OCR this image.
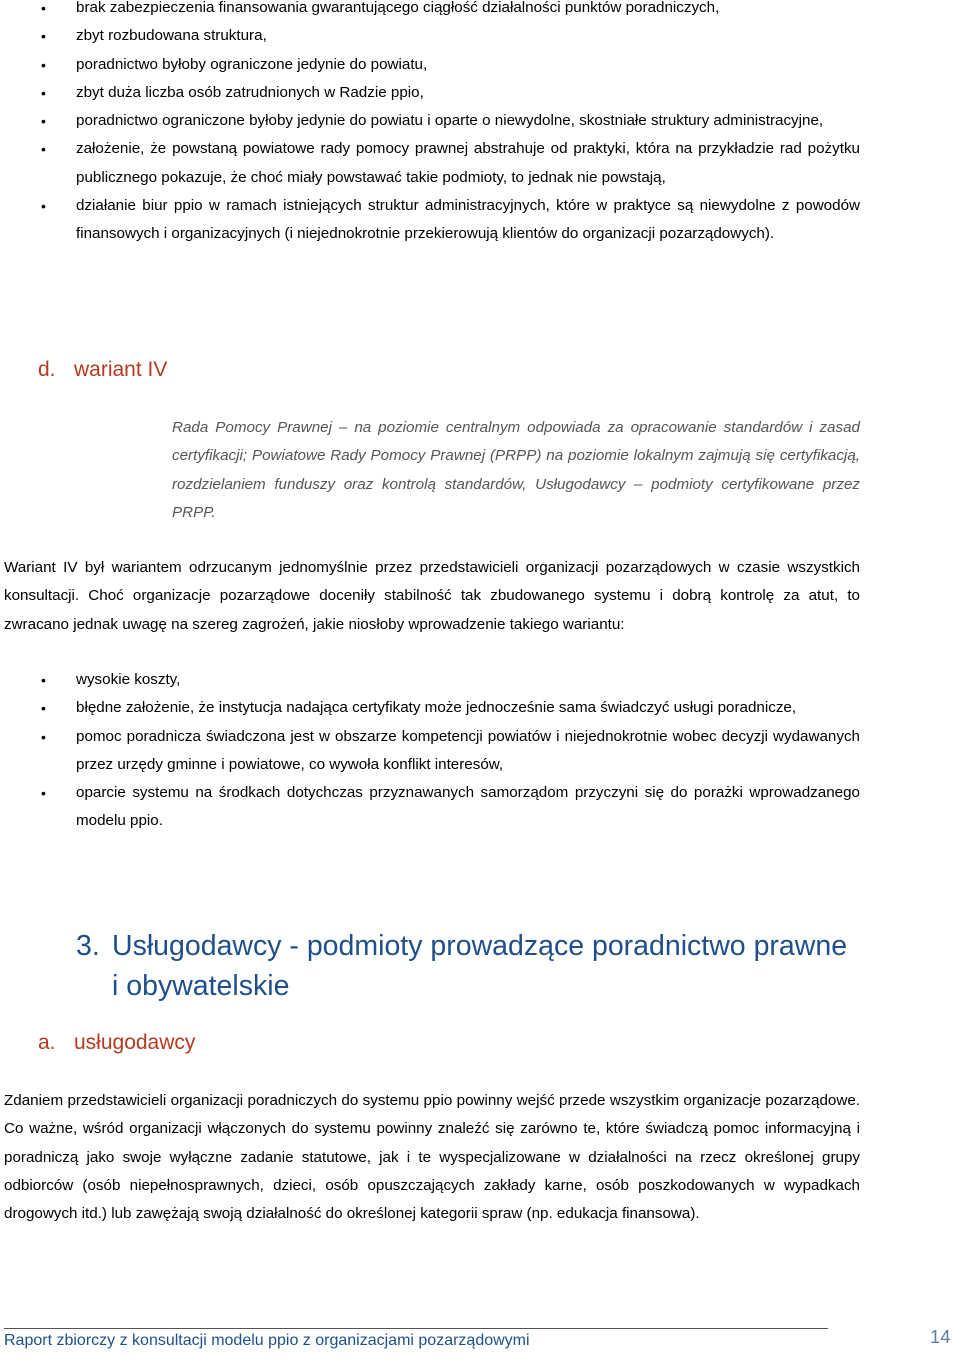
• brak zabezpieczenia finansowania gwarantującego ciągłość działalności punktów poradniczych,
• zbyt rozbudowana struktura,
• poradnictwo byłoby ograniczone jedynie do powiatu,
• zbyt duża liczba osób zatrudnionych w Radzie ppio,
• poradnictwo ograniczone byłoby jedynie do powiatu i oparte o niewydolne, skostniałe struktury administracyjne,
• założenie, że powstaną powiatowe rady pomocy prawnej abstrahuje od praktyki, która na przykładzie rad pożytku publicznego pokazuje, że choć miały powstawać takie podmioty, to jednak nie powstają,
• działanie biur ppio w ramach istniejących struktur administracyjnych, które w praktyce są niewydolne z powodów finansowych i organizacyjnych (i niejednokrotnie przekierowują klientów do organizacji pozarządowych).
d. wariant IV

Rada Pomocy Prawnej – na poziomie centralnym odpowiada za opracowanie standardów i zasad certyfikacji; Powiatowe Rady Pomocy Prawnej (PRPP) na poziomie lokalnym zajmują się certyfikacją, rozdzielaniem funduszy oraz kontrolą standardów, Usługodawcy – podmioty certyfikowane przez PRPP.

Wariant IV był wariantem odrzucanym jednomyślnie przez przedstawicieli organizacji pozarządowych w czasie wszystkich konsultacji. Choć organizacje pozarządowe doceniły stabilność tak zbudowanego systemu i dobrą kontrolę za atut, to zwracano jednak uwagę na szereg zagrożeń, jakie niosłoby wprowadzenie takiego wariantu:

• wysokie koszty,
• błędne założenie, że instytucja nadająca certyfikaty może jednocześnie sama świadczyć usługi poradnicze,
• pomoc poradnicza świadczona jest w obszarze kompetencji powiatów i niejednokrotnie wobec decyzji wydawanych przez urzędy gminne i powiatowe, co wywoła konflikt interesów,
• oparcie systemu na środkach dotychczas przyznawanych samorządom przyczyni się do porażki wprowadzanego modelu ppio.
3. Usługodawcy - podmioty prowadzące poradnictwo prawne i obywatelskie
a. usługodawcy

Zdaniem przedstawicieli organizacji poradniczych do systemu ppio powinny wejść przede wszystkim organizacje pozarządowe. Co ważne, wśród organizacji włączonych do systemu powinny znaleźć się zarówno te, które świadczą pomoc informacyjną i poradniczą jako swoje wyłączne zadanie statutowe, jak i te wyspecjalizowane w działalności na rzecz określonej grupy odbiorców (osób niepełnosprawnych, dzieci, osób opuszczających zakłady karne, osób poszkodowanych w wypadkach drogowych itd.) lub zawężają swoją działalność do określonej kategorii spraw (np. edukacja finansowa).

Raport zbiorczy z konsultacji modelu ppio z organizacjami pozarządowymi	14
